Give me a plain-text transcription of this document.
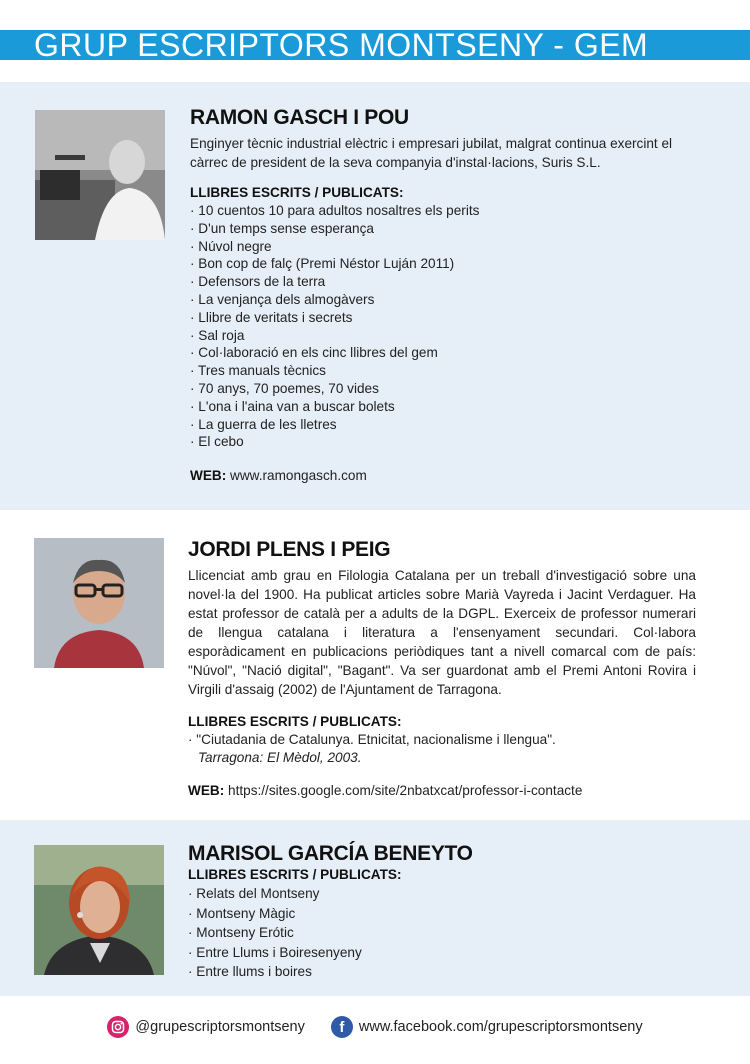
GRUP ESCRIPTORS MONTSENY - GEM
RAMON GASCH I POU

Enginyer tècnic industrial elèctric i empresari jubilat, malgrat continua exercint el càrrec de president de la seva companyia d'instal·lacions, Suris S.L.

LLIBRES ESCRITS / PUBLICATS:
· 10 cuentos 10 para adultos nosaltres els perits
· D'un temps sense esperança
· Núvol negre
· Bon cop de falç (Premi Néstor Luján 2011)
· Defensors de la terra
· La venjança dels almogàvers
· Llibre de veritats i secrets
· Sal roja
· Col·laboració en els cinc llibres del gem
· Tres manuals tècnics
· 70 anys, 70 poemes, 70 vides
· L'ona i l'aina van a buscar bolets
· La guerra de les lletres
· El cebo
WEB: www.ramongasch.com
JORDI PLENS I PEIG

Llicenciat amb grau en Filologia Catalana per un treball d'investigació sobre una novel·la del 1900. Ha publicat articles sobre Marià Vayreda i Jacint Verdaguer. Ha estat professor de català per a adults de la DGPL. Exerceix de professor numerari de llengua catalana i literatura a l'ensenyament secundari. Col·labora esporàdicament en publicacions periòdiques tant a nivell comarcal com de país: "Núvol", "Nació digital", "Bagant". Va ser guardonat amb el Premi Antoni Rovira i Virgili d'assaig (2002) de l'Ajuntament de Tarragona.

LLIBRES ESCRITS / PUBLICATS:
· "Ciutadania de Catalunya. Etnicitat, nacionalisme i llengua".
Tarragona: El Mèdol, 2003.
WEB: https://sites.google.com/site/2nbatxcat/professor-i-contacte
MARISOL GARCÍA BENEYTO
LLIBRES ESCRITS / PUBLICATS:
· Relats del Montseny
· Montseny Màgic
· Montseny Erótic
· Entre Llums i Boiresenyeny
· Entre llums i boires
@grupescriptorsmontseny	f	www.facebook.com/grupescriptorsmontseny
